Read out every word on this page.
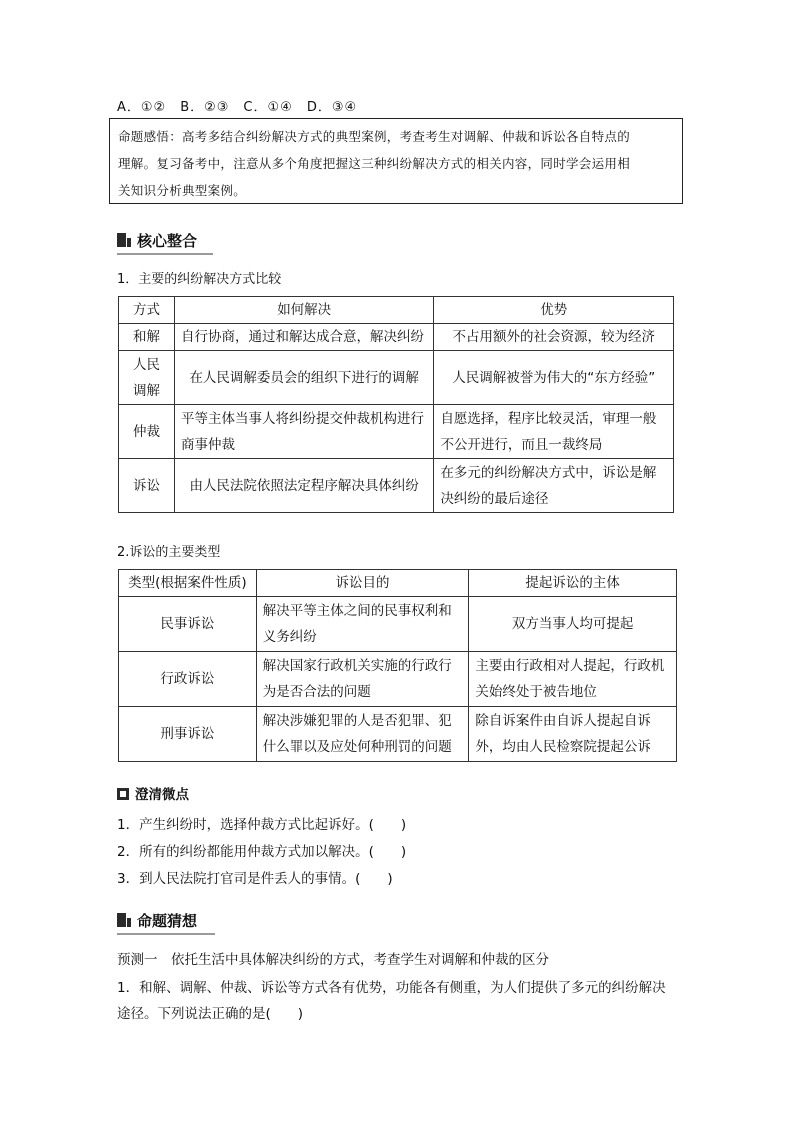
A．①②　B．②③　C．①④　D．③④
命题感悟：高考多结合纠纷解决方式的典型案例，考查考生对调解、仲裁和诉讼各自特点的
理解。复习备考中，注意从多个角度把握这三种纠纷解决方式的相关内容，同时学会运用相
关知识分析典型案例。
核心整合
1．主要的纠纷解决方式比较
方式	如何解决	优势
和解	自行协商，通过和解达成合意，解决纠纷	不占用额外的社会资源，较为经济
人民调解	在人民调解委员会的组织下进行的调解	人民调解被誉为伟大的“东方经验”
仲裁	平等主体当事人将纠纷提交仲裁机构进行商事仲裁	自愿选择，程序比较灵活，审理一般不公开进行，而且一裁终局
诉讼	由人民法院依照法定程序解决具体纠纷	在多元的纠纷解决方式中，诉讼是解决纠纷的最后途径
2.诉讼的主要类型
类型(根据案件性质)	诉讼目的	提起诉讼的主体
民事诉讼	解决平等主体之间的民事权利和义务纠纷	双方当事人均可提起
行政诉讼	解决国家行政机关实施的行政行为是否合法的问题	主要由行政相对人提起，行政机关始终处于被告地位
刑事诉讼	解决涉嫌犯罪的人是否犯罪、犯什么罪以及应处何种刑罚的问题	除自诉案件由自诉人提起自诉外，均由人民检察院提起公诉
澄清微点
1．产生纠纷时，选择仲裁方式比起诉好。(　　)
2．所有的纠纷都能用仲裁方式加以解决。(　　)
3．到人民法院打官司是件丢人的事情。(　　)
命题猜想
预测一　依托生活中具体解决纠纷的方式，考查学生对调解和仲裁的区分
1．和解、调解、仲裁、诉讼等方式各有优势，功能各有侧重，为人们提供了多元的纠纷解决
途径。下列说法正确的是(　　)
